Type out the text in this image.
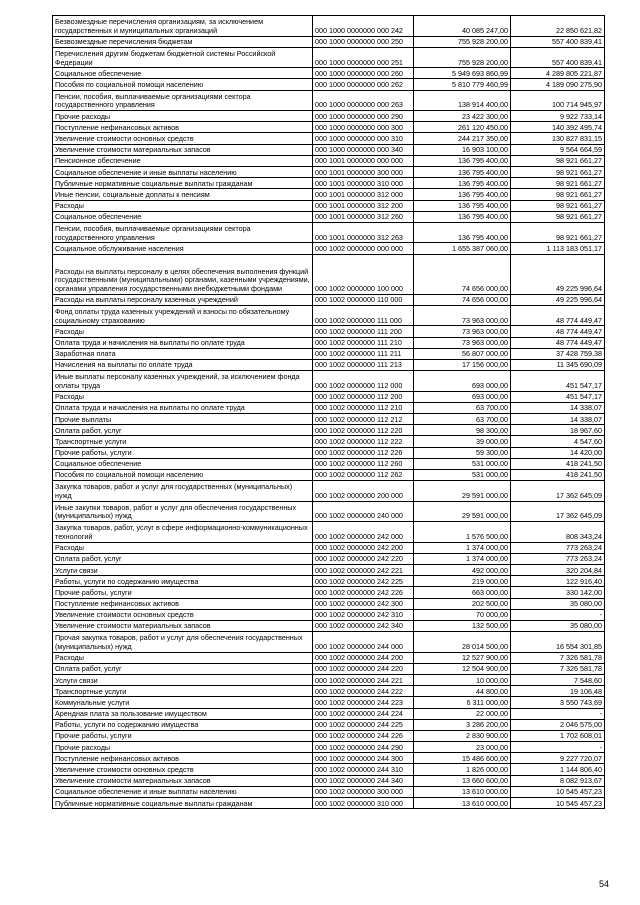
Безвозмездные перечисления организациям, за исключением государственных и муниципальных организаций	000 1000 0000000 000 242	40 085 247,00	22 850 621,82
Безвозмездные перечисления бюджетам	000 1000 0000000 000 250	755 928 200,00	557 400 839,41
Перечисления другим бюджетам бюджетной системы Российской Федерации	000 1000 0000000 000 251	755 928 200,00	557 400 839,41
Социальное обеспечение	000 1000 0000000 000 260	5 949 693 860,99	4 289 805 221,87
Пособия по социальной помощи населению	000 1000 0000000 000 262	5 810 779 460,99	4 189 090 275,90
Пенсии, пособия, выплачиваемые организациями сектора государственного управления	000 1000 0000000 000 263	138 914 400,00	100 714 945,97
Прочие расходы	000 1000 0000000 000 290	23 422 300,00	9 922 733,14
Поступление нефинансовых активов	000 1000 0000000 000 300	261 120 450,00	140 392 495,74
Увеличение стоимости основных средств	000 1000 0000000 000 310	244 217 350,00	130 827 831,15
Увеличение стоимости материальных запасов	000 1000 0000000 000 340	16 903 100,00	9 564 664,59
Пенсионное обеспечение	000 1001 0000000 000 000	136 795 400,00	98 921 661,27
Социальное обеспечение и иные выплаты населению	000 1001 0000000 300 000	136 795 400,00	98 921 661,27
Публичные нормативные социальные выплаты гражданам	000 1001 0000000 310 000	136 795 400,00	98 921 661,27
Иные пенсии, социальные доплаты к пенсиям	000 1001 0000000 312 000	136 795 400,00	98 921 661,27
Расходы	000 1001 0000000 312 200	136 795 400,00	98 921 661,27
Социальное обеспечение	000 1001 0000000 312 260	136 795 400,00	98 921 661,27
Пенсии, пособия, выплачиваемые организациями сектора государственного управления	000 1001 0000000 312 263	136 795 400,00	98 921 661,27
Социальное обслуживание населения	000 1002 0000000 000 000	1 655 387 060,00	1 113 183 051,17
Расходы на выплаты персоналу в целях обеспечения выполнения функций государственными (муниципальными) органами, казенными учреждениями, органами управления государственными внебюджетными фондами	000 1002 0000000 100 000	74 656 000,00	49 225 996,64
Расходы на выплаты персоналу казенных учреждений	000 1002 0000000 110 000	74 656 000,00	49 225 996,64
Фонд оплаты труда казенных учреждений и взносы по обязательному социальному страхованию	000 1002 0000000 111 000	73 963 000,00	48 774 449,47
Расходы	000 1002 0000000 111 200	73 963 000,00	48 774 449,47
Оплата труда и начисления на выплаты по оплате труда	000 1002 0000000 111 210	73 963 000,00	48 774 449,47
Заработная плата	000 1002 0000000 111 211	56 807 000,00	37 428 759,38
Начисления на выплаты по оплате труда	000 1002 0000000 111 213	17 156 000,00	11 345 690,09
Иные выплаты персоналу казенных учреждений, за исключением фонда оплаты труда	000 1002 0000000 112 000	693 000,00	451 547,17
Расходы	000 1002 0000000 112 200	693 000,00	451 547,17
Оплата труда и начисления на выплаты по оплате труда	000 1002 0000000 112 210	63 700,00	14 338,07
Прочие выплаты	000 1002 0000000 112 212	63 700,00	14 338,07
Оплата работ, услуг	000 1002 0000000 112 220	98 300,00	18 967,60
Транспортные услуги	000 1002 0000000 112 222	39 000,00	4 547,60
Прочие работы, услуги	000 1002 0000000 112 226	59 300,00	14 420,00
Социальное обеспечение	000 1002 0000000 112 260	531 000,00	418 241,50
Пособия по социальной помощи населению	000 1002 0000000 112 262	531 000,00	418 241,50
Закупка товаров, работ и услуг для государственных (муниципальных) нужд	000 1002 0000000 200 000	29 591 000,00	17 362 645,09
Иные закупки товаров, работ и услуг для обеспечения государственных (муниципальных) нужд	000 1002 0000000 240 000	29 591 000,00	17 362 645,09
Закупка товаров, работ, услуг в сфере информационно-коммуникационных технологий	000 1002 0000000 242 000	1 576 500,00	808 343,24
Расходы	000 1002 0000000 242 200	1 374 000,00	773 263,24
Оплата работ, услуг	000 1002 0000000 242 220	1 374 000,00	773 263,24
Услуги связи	000 1002 0000000 242 221	492 000,00	320 204,84
Работы, услуги по содержанию имущества	000 1002 0000000 242 225	219 000,00	122 916,40
Прочие работы, услуги	000 1002 0000000 242 226	663 000,00	330 142,00
Поступление нефинансовых активов	000 1002 0000000 242 300	202 500,00	35 080,00
Увеличение стоимости основных средств	000 1002 0000000 242 310	70 000,00	-
Увеличение стоимости материальных запасов	000 1002 0000000 242 340	132 500,00	35 080,00
Прочая закупка товаров, работ и услуг для обеспечения государственных (муниципальных) нужд	000 1002 0000000 244 000	28 014 500,00	16 554 301,85
Расходы	000 1002 0000000 244 200	12 527 900,00	7 326 581,78
Оплата работ, услуг	000 1002 0000000 244 220	12 504 900,00	7 326 581,78
Услуги связи	000 1002 0000000 244 221	10 000,00	7 548,60
Транспортные услуги	000 1002 0000000 244 222	44 800,00	19 106,48
Коммунальные услуги	000 1002 0000000 244 223	6 311 000,00	3 550 743,69
Арендная плата за пользование имуществом	000 1002 0000000 244 224	22 000,00	-
Работы, услуги по содержанию имущества	000 1002 0000000 244 225	3 286 200,00	2 046 575,00
Прочие работы, услуги	000 1002 0000000 244 226	2 830 900,00	1 702 608,01
Прочие расходы	000 1002 0000000 244 290	23 000,00	-
Поступление нефинансовых активов	000 1002 0000000 244 300	15 486 600,00	9 227 720,07
Увеличение стоимости основных средств	000 1002 0000000 244 310	1 826 000,00	1 144 806,40
Увеличение стоимости материальных запасов	000 1002 0000000 244 340	13 660 600,00	8 082 913,67
Социальное обеспечение и иные выплаты населению	000 1002 0000000 300 000	13 610 000,00	10 545 457,23
Публичные нормативные социальные выплаты гражданам	000 1002 0000000 310 000	13 610 000,00	10 545 457,23
54
